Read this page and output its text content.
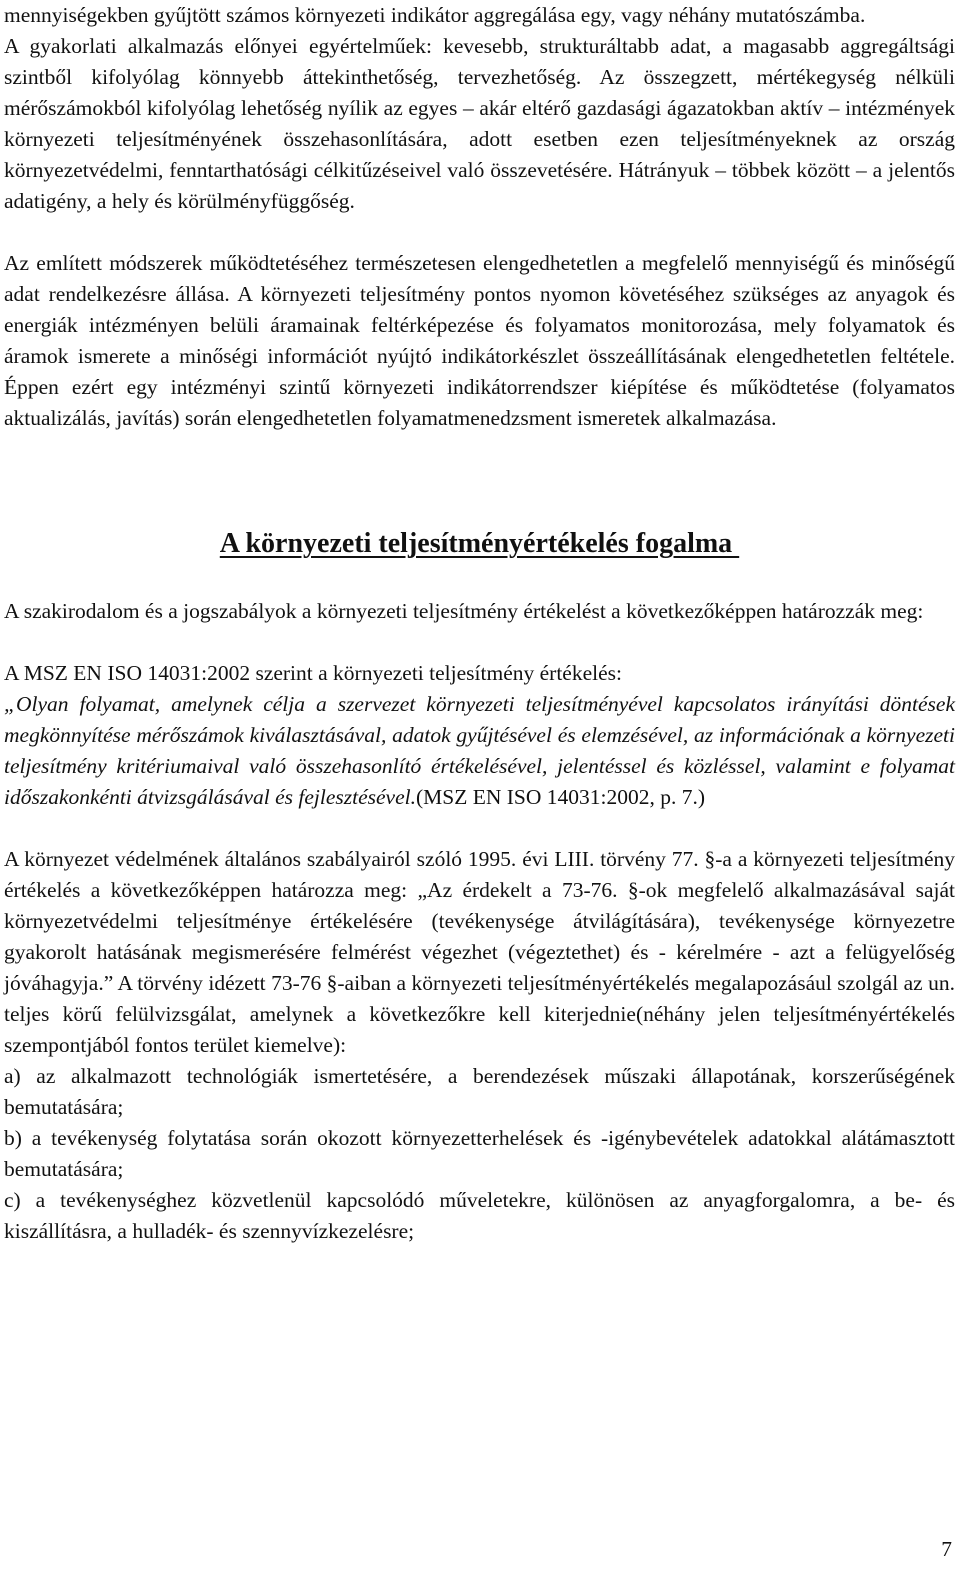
mennyiségekben gyűjtött számos környezeti indikátor aggregálása egy, vagy néhány mutatószámba.

A gyakorlati alkalmazás előnyei egyértelműek: kevesebb, strukturáltabb adat, a magasabb aggregáltsági szintből kifolyólag könnyebb áttekinthetőség, tervezhetőség. Az összegzett, mértékegység nélküli mérőszámokból kifolyólag lehetőség nyílik az egyes – akár eltérő gazdasági ágazatokban aktív – intézmények környezeti teljesítményének összehasonlítására, adott esetben ezen teljesítményeknek az ország környezetvédelmi, fenntarthatósági célkitűzéseivel való összevetésére. Hátrányuk – többek között – a jelentős adatigény, a hely és körülményfüggőség.

Az említett módszerek működtetéséhez természetesen elengedhetetlen a megfelelő mennyiségű és minőségű adat rendelkezésre állása. A környezeti teljesítmény pontos nyomon követéséhez szükséges az anyagok és energiák intézményen belüli áramainak feltérképezése és folyamatos monitorozása, mely folyamatok és áramok ismerete a minőségi információt nyújtó indikátorkészlet összeállításának elengedhetetlen feltétele. Éppen ezért egy intézményi szintű környezeti indikátorrendszer kiépítése és működtetése (folyamatos aktualizálás, javítás) során elengedhetetlen folyamatmenedzsment ismeretek alkalmazása.

A környezeti teljesítményértékelés fogalma

A szakirodalom és a jogszabályok a környezeti teljesítmény értékelést a következőképpen határozzák meg:

A MSZ EN ISO 14031:2002 szerint a környezeti teljesítmény értékelés:
„Olyan folyamat, amelynek célja a szervezet környezeti teljesítményével kapcsolatos irányítási döntések megkönnyítése mérőszámok kiválasztásával, adatok gyűjtésével és elemzésével, az információnak a környezeti teljesítmény kritériumaival való összehasonlító értékelésével, jelentéssel és közléssel, valamint e folyamat időszakonkénti átvizsgálásával és fejlesztésével.(MSZ EN ISO 14031:2002, p. 7.)

A környezet védelmének általános szabályairól szóló 1995. évi LIII. törvény 77. §-a a környezeti teljesítmény értékelés a következőképpen határozza meg: „Az érdekelt a 73-76. §-ok megfelelő alkalmazásával saját környezetvédelmi teljesítménye értékelésére (tevékenysége átvilágítására), tevékenysége környezetre gyakorolt hatásának megismerésére felmérést végezhet (végeztethet) és - kérelmére - azt a felügyelőség jóváhagyja.” A törvény idézett 73-76 §-aiban a környezeti teljesítményértékelés megalapozásául szolgál az un. teljes körű felülvizsgálat, amelynek a következőkre kell kiterjednie(néhány jelen teljesítményértékelés szempontjából fontos terület kiemelve):

a) az alkalmazott technológiák ismertetésére, a berendezések műszaki állapotának, korszerűségének bemutatására;

b) a tevékenység folytatása során okozott környezetterhelések és -igénybevételek adatokkal alátámasztott bemutatására;

c) a tevékenységhez közvetlenül kapcsolódó műveletekre, különösen az anyagforgalomra, a be- és kiszállításra, a hulladék- és szennyvízkezelésre;

7
